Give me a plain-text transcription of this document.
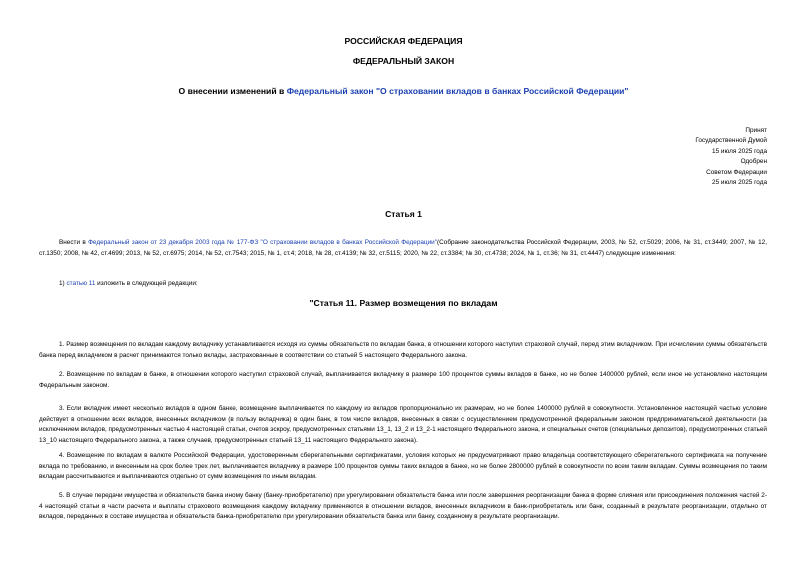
РОССИЙСКАЯ ФЕДЕРАЦИЯ
ФЕДЕРАЛЬНЫЙ ЗАКОН
О внесении изменений в Федеральный закон "О страховании вкладов в банках Российской Федерации"
Принят
Государственной Думой
15 июля 2025 года
Одобрен
Советом Федерации
25 июля 2025 года
Статья 1
Внести в Федеральный закон от 23 декабря 2003 года № 177-ФЗ "О страховании вкладов в банках Российской Федерации"(Собрание законодательства Российской Федерации, 2003, № 52, ст.5029; 2006, № 31, ст.3449; 2007, № 12, ст.1350; 2008, № 42, ст.4699; 2013, № 52, ст.6975; 2014, № 52, ст.7543; 2015, № 1, ст.4; 2018, № 28, ст.4139; № 32, ст.5115; 2020, № 22, ст.3384; № 30, ст.4738; 2024, № 1, ст.36; № 31, ст.4447) следующие изменения:
1) статью 11 изложить в следующей редакции:
"Статья 11. Размер возмещения по вкладам
1. Размер возмещения по вкладам каждому вкладчику устанавливается исходя из суммы обязательств по вкладам банка, в отношении которого наступил страховой случай, перед этим вкладчиком. При исчислении суммы обязательств банка перед вкладчиком в расчет принимаются только вклады, застрахованные в соответствии со статьей 5 настоящего Федерального закона.
2. Возмещение по вкладам в банке, в отношении которого наступил страховой случай, выплачивается вкладчику в размере 100 процентов суммы вкладов в банке, но не более 1400000 рублей, если иное не установлено настоящим Федеральным законом.
3. Если вкладчик имеет несколько вкладов в одном банке, возмещение выплачивается по каждому из вкладов пропорционально их размерам, но не более 1400000 рублей в совокупности. Установленное настоящей частью условие действует в отношении всех вкладов, внесенных вкладчиком (в пользу вкладчика) в один банк, в том числе вкладов, внесенных в связи с осуществлением предусмотренной федеральным законом предпринимательской деятельности (за исключением вкладов, предусмотренных частью 4 настоящей статьи, счетов эскроу, предусмотренных статьями 13_1, 13_2 и 13_2-1 настоящего Федерального закона, и специальных счетов (специальных депозитов), предусмотренных статьей 13_10 настоящего Федерального закона, а также случаев, предусмотренных статьей 13_11 настоящего Федерального закона).
4. Возмещение по вкладам в валюте Российской Федерации, удостоверенным сберегательными сертификатами, условия которых не предусматривают право владельца соответствующего сберегательного сертификата на получение вклада по требованию, и внесенным на срок более трех лет, выплачивается вкладчику в размере 100 процентов суммы таких вкладов в банке, но не более 2800000 рублей в совокупности по всем таким вкладам. Суммы возмещения по таким вкладам рассчитываются и выплачиваются отдельно от сумм возмещения по иным вкладам.
5. В случае передачи имущества и обязательств банка иному банку (банку-приобретателю) при урегулировании обязательств банка или после завершения реорганизации банка в форме слияния или присоединения положения частей 2-4 настоящей статьи в части расчета и выплаты страхового возмещения каждому вкладчику применяются в отношении вкладов, внесенных вкладчиком в банк-приобретатель или банк, созданный в результате реорганизации, отдельно от вкладов, переданных в составе имущества и обязательств банка-приобретателю при урегулировании обязательств банка или банку, созданному в результате реорганизации.
